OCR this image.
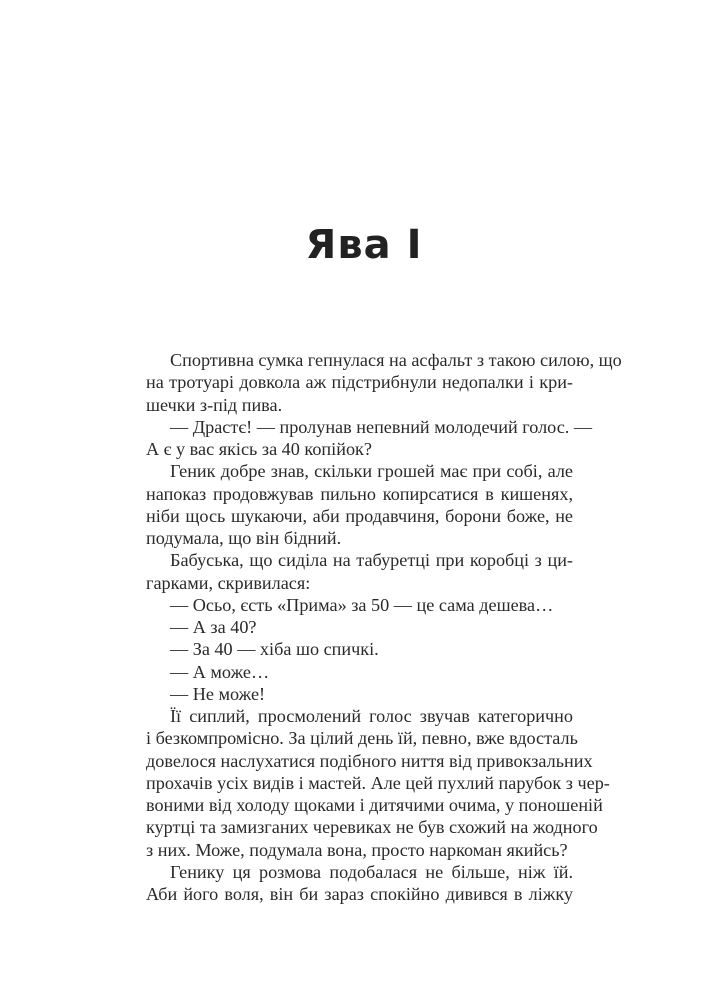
Ява І
Спортивна сумка гепнулася на асфальт з такою силою, що
на тротуарі довкола аж підстрибнули недопалки і кри-
шечки з-під пива.
— Драстє! — пролунав непевний молодечий голос. —
А є у вас якісь за 40 копійок?
Геник добре знав, скільки грошей має при собі, але
напоказ продовжував пильно копирсатися в кишенях,
ніби щось шукаючи, аби продавчиня, борони боже, не
подумала, що він бідний.
Бабуська, що сиділа на табуретці при коробці з ци-
гарками, скривилася:
— Осьо, єсть «Прима» за 50 — це сама дешева…
— А за 40?
— За 40 — хіба шо спичкі.
— А може…
— Не може!
Її сиплий, просмолений голос звучав категорично
і безкомпромісно. За цілий день їй, певно, вже вдосталь
довелося наслухатися подібного ниття від привокзальних
прохачів усіх видів і мастей. Але цей пухлий парубок з чер-
воними від холоду щоками і дитячими очима, у поношеній
куртці та замизганих черевиках не був схожий на жодного
з них. Може, подумала вона, просто наркоман якийсь?
Генику ця розмова подобалася не більше, ніж їй.
Аби його воля, він би зараз спокійно дивився в ліжку
